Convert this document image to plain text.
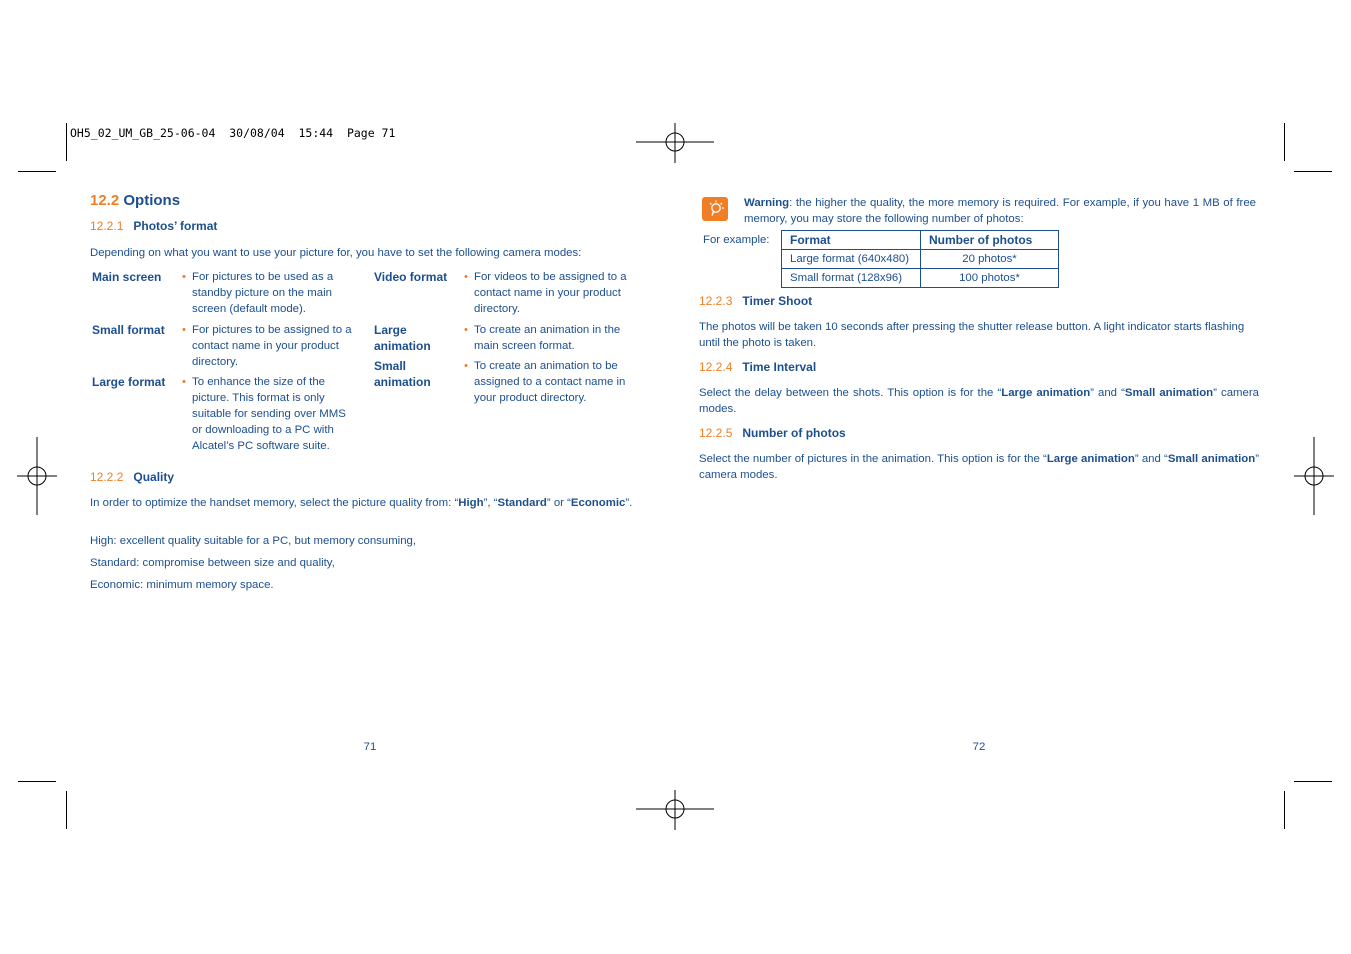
OH5_02_UM_GB_25-06-04  30/08/04  15:44  Page 71
12.2 Options
12.2.1 Photos’ format
Depending on what you want to use your picture for, you have to set the following camera modes:
Main screen	• For pictures to be used as a standby picture on the main screen (default mode).
Small format	• For pictures to be assigned to a contact name in your product directory.
Large format	• To enhance the size of the picture. This format is only suitable for sending over MMS or downloading to a PC with Alcatel’s PC software suite.
Video format	• For videos to be assigned to a contact name in your product directory.
Large animation
• To create an animation in the main screen format.
Small animation
• To create an animation to be assigned to a contact name in your product directory.
12.2.2 Quality
In order to optimize the handset memory, select the picture quality from: “High”, “Standard” or “Economic”.
High: excellent quality suitable for a PC, but memory consuming,
Standard: compromise between size and quality,
Economic: minimum memory space.
71
Warning: the higher the quality, the more memory is required. For example, if you have 1 MB of free memory, you may store the following number of photos:
For example: Format	Number of photos
Large format (640x480)	20 photos*
Small format (128x96)	100 photos*
12.2.3 Timer Shoot
The photos will be taken 10 seconds after pressing the shutter release button. A light indicator starts flashing until the photo is taken.
12.2.4 Time Interval
Select the delay between the shots. This option is for the “Large animation” and “Small animation” camera modes.
12.2.5 Number of photos
Select the number of pictures in the animation. This option is for the “Large animation” and “Small animation” camera modes.
72
